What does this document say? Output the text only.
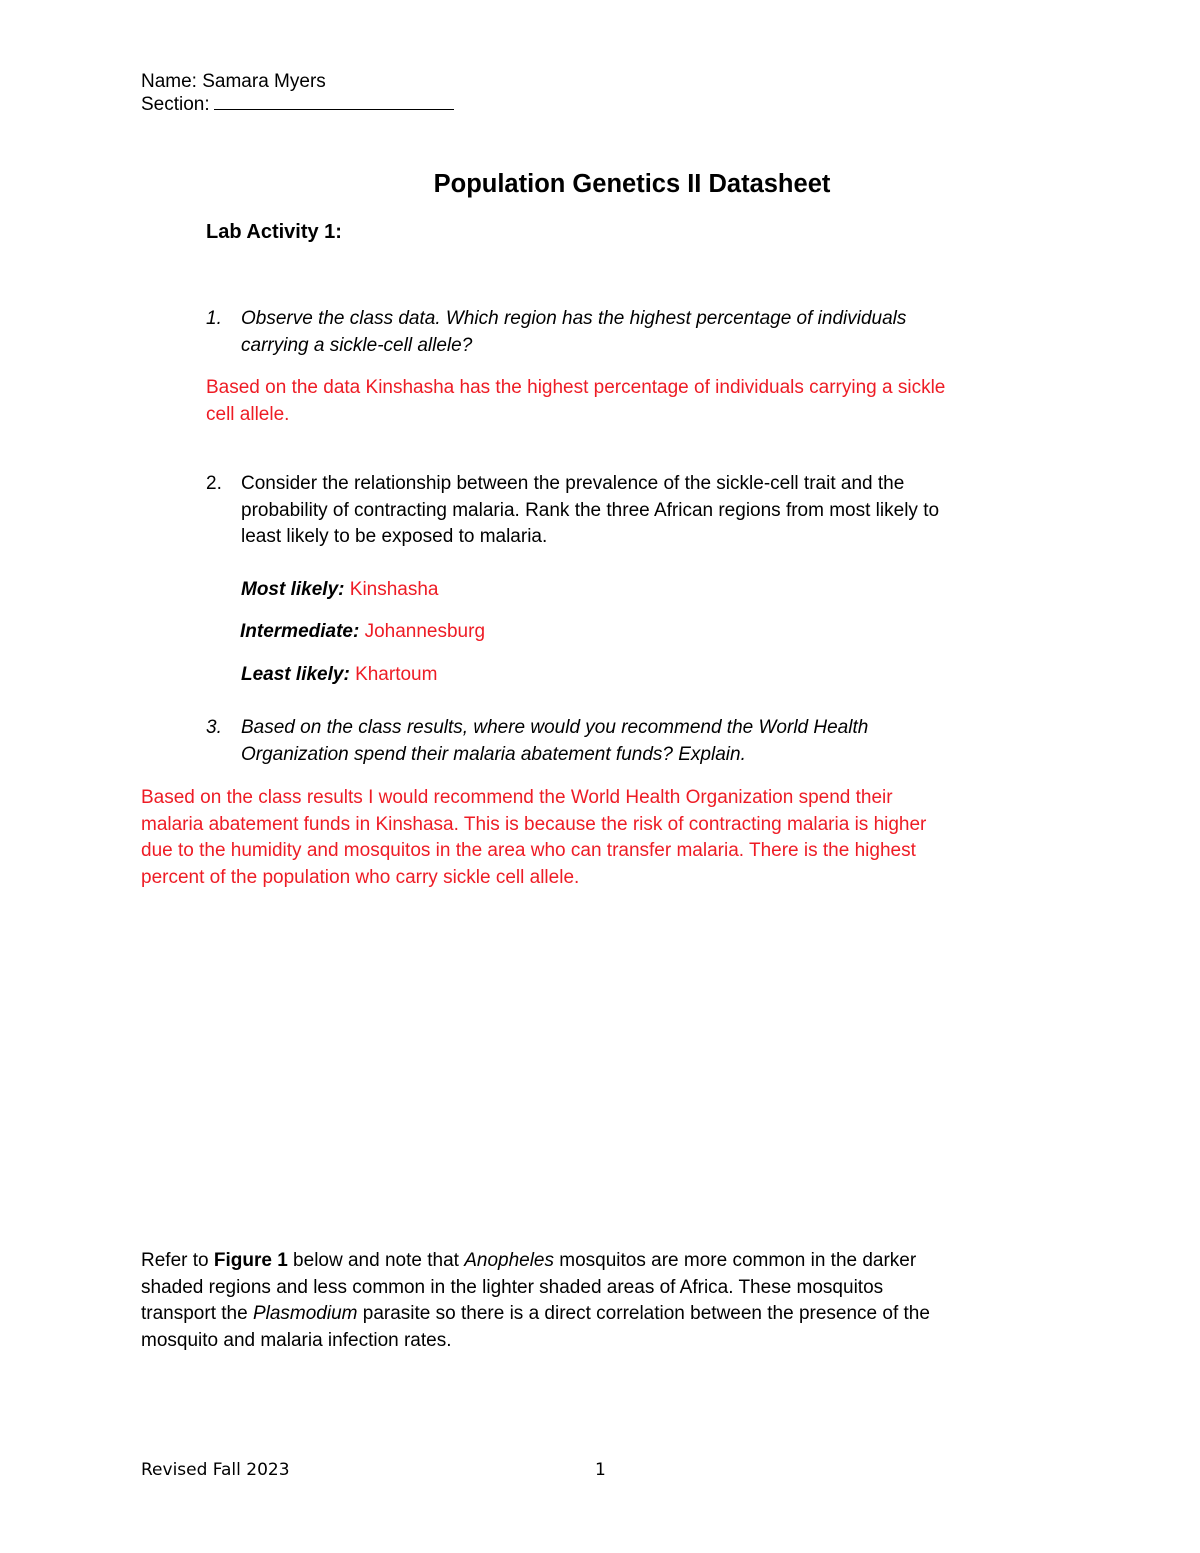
Name: Samara Myers
Section:
Population Genetics II Datasheet
Lab Activity 1:
1. Observe the class data. Which region has the highest percentage of individuals
carrying a sickle-cell allele?
Based on the data Kinshasha has the highest percentage of individuals carrying a sickle
cell allele.
2. Consider the relationship between the prevalence of the sickle-cell trait and the
probability of contracting malaria. Rank the three African regions from most likely to
least likely to be exposed to malaria.
Most likely: Kinshasha
Intermediate: Johannesburg
Least likely: Khartoum
3. Based on the class results, where would you recommend the World Health
Organization spend their malaria abatement funds? Explain.
Based on the class results I would recommend the World Health Organization spend their
malaria abatement funds in Kinshasa. This is because the risk of contracting malaria is higher
due to the humidity and mosquitos in the area who can transfer malaria. There is the highest
percent of the population who carry sickle cell allele.
Refer to Figure 1 below and note that Anopheles mosquitos are more common in the darker
shaded regions and less common in the lighter shaded areas of Africa. These mosquitos
transport the Plasmodium parasite so there is a direct correlation between the presence of the
mosquito and malaria infection rates.
Revised Fall 2023	1
